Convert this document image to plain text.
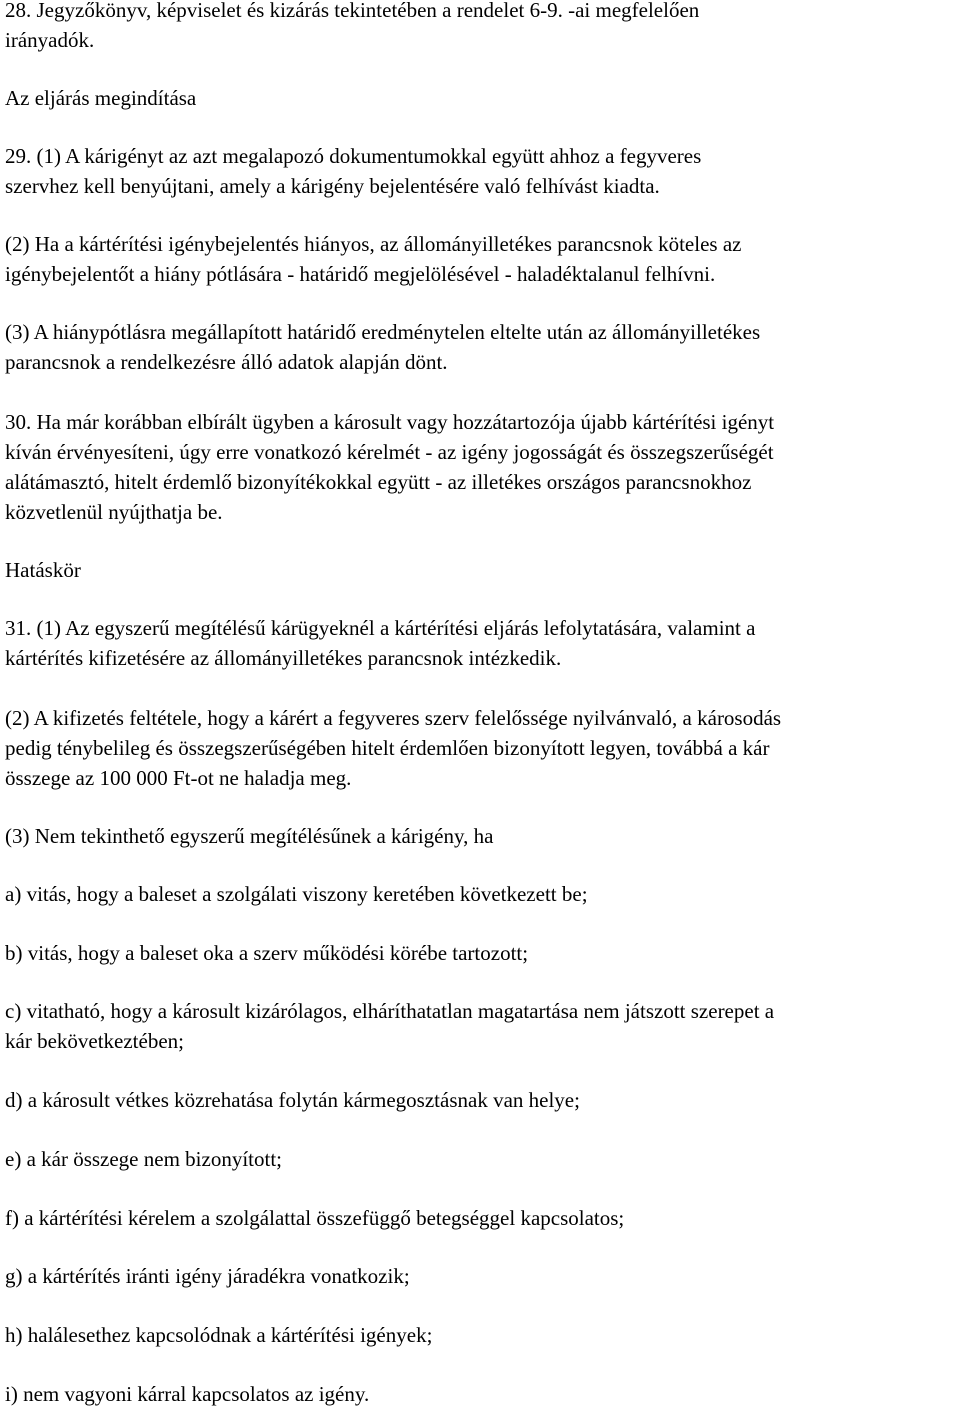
28. Jegyzőkönyv, képviselet és kizárás tekintetében a rendelet 6-9. -ai megfelelően

irányadók.

Az eljárás megindítása

29. (1) A kárigényt az azt megalapozó dokumentumokkal együtt ahhoz a fegyveres

szervhez kell benyújtani, amely a kárigény bejelentésére való felhívást kiadta.

(2) Ha a kártérítési igénybejelentés hiányos, az állományilletékes parancsnok köteles az

igénybejelentőt a hiány pótlására - határidő megjelölésével - haladéktalanul felhívni.

(3) A hiánypótlásra megállapított határidő eredménytelen eltelte után az állományilletékes

parancsnok a rendelkezésre álló adatok alapján dönt.

30. Ha már korábban elbírált ügyben a károsult vagy hozzátartozója újabb kártérítési igényt

kíván érvényesíteni, úgy erre vonatkozó kérelmét - az igény jogosságát és összegszerűségét

alátámasztó, hitelt érdemlő bizonyítékokkal együtt - az illetékes országos parancsnokhoz

közvetlenül nyújthatja be.

Hatáskör

31. (1) Az egyszerű megítélésű kárügyeknél a kártérítési eljárás lefolytatására, valamint a

kártérítés kifizetésére az állományilletékes parancsnok intézkedik.

(2) A kifizetés feltétele, hogy a kárért a fegyveres szerv felelőssége nyilvánvaló, a károsodás

pedig ténybelileg és összegszerűségében hitelt érdemlően bizonyított legyen, továbbá a kár

összege az 100 000 Ft-ot ne haladja meg.

(3) Nem tekinthető egyszerű megítélésűnek a kárigény, ha

a) vitás, hogy a baleset a szolgálati viszony keretében következett be;

b) vitás, hogy a baleset oka a szerv működési körébe tartozott;

c) vitatható, hogy a károsult kizárólagos, elháríthatatlan magatartása nem játszott szerepet a

kár bekövetkeztében;

d) a károsult vétkes közrehatása folytán kármegosztásnak van helye;

e) a kár összege nem bizonyított;

f) a kártérítési kérelem a szolgálattal összefüggő betegséggel kapcsolatos;

g) a kártérítés iránti igény járadékra vonatkozik;

h) halálesethez kapcsolódnak a kártérítési igények;

i) nem vagyoni kárral kapcsolatos az igény.
